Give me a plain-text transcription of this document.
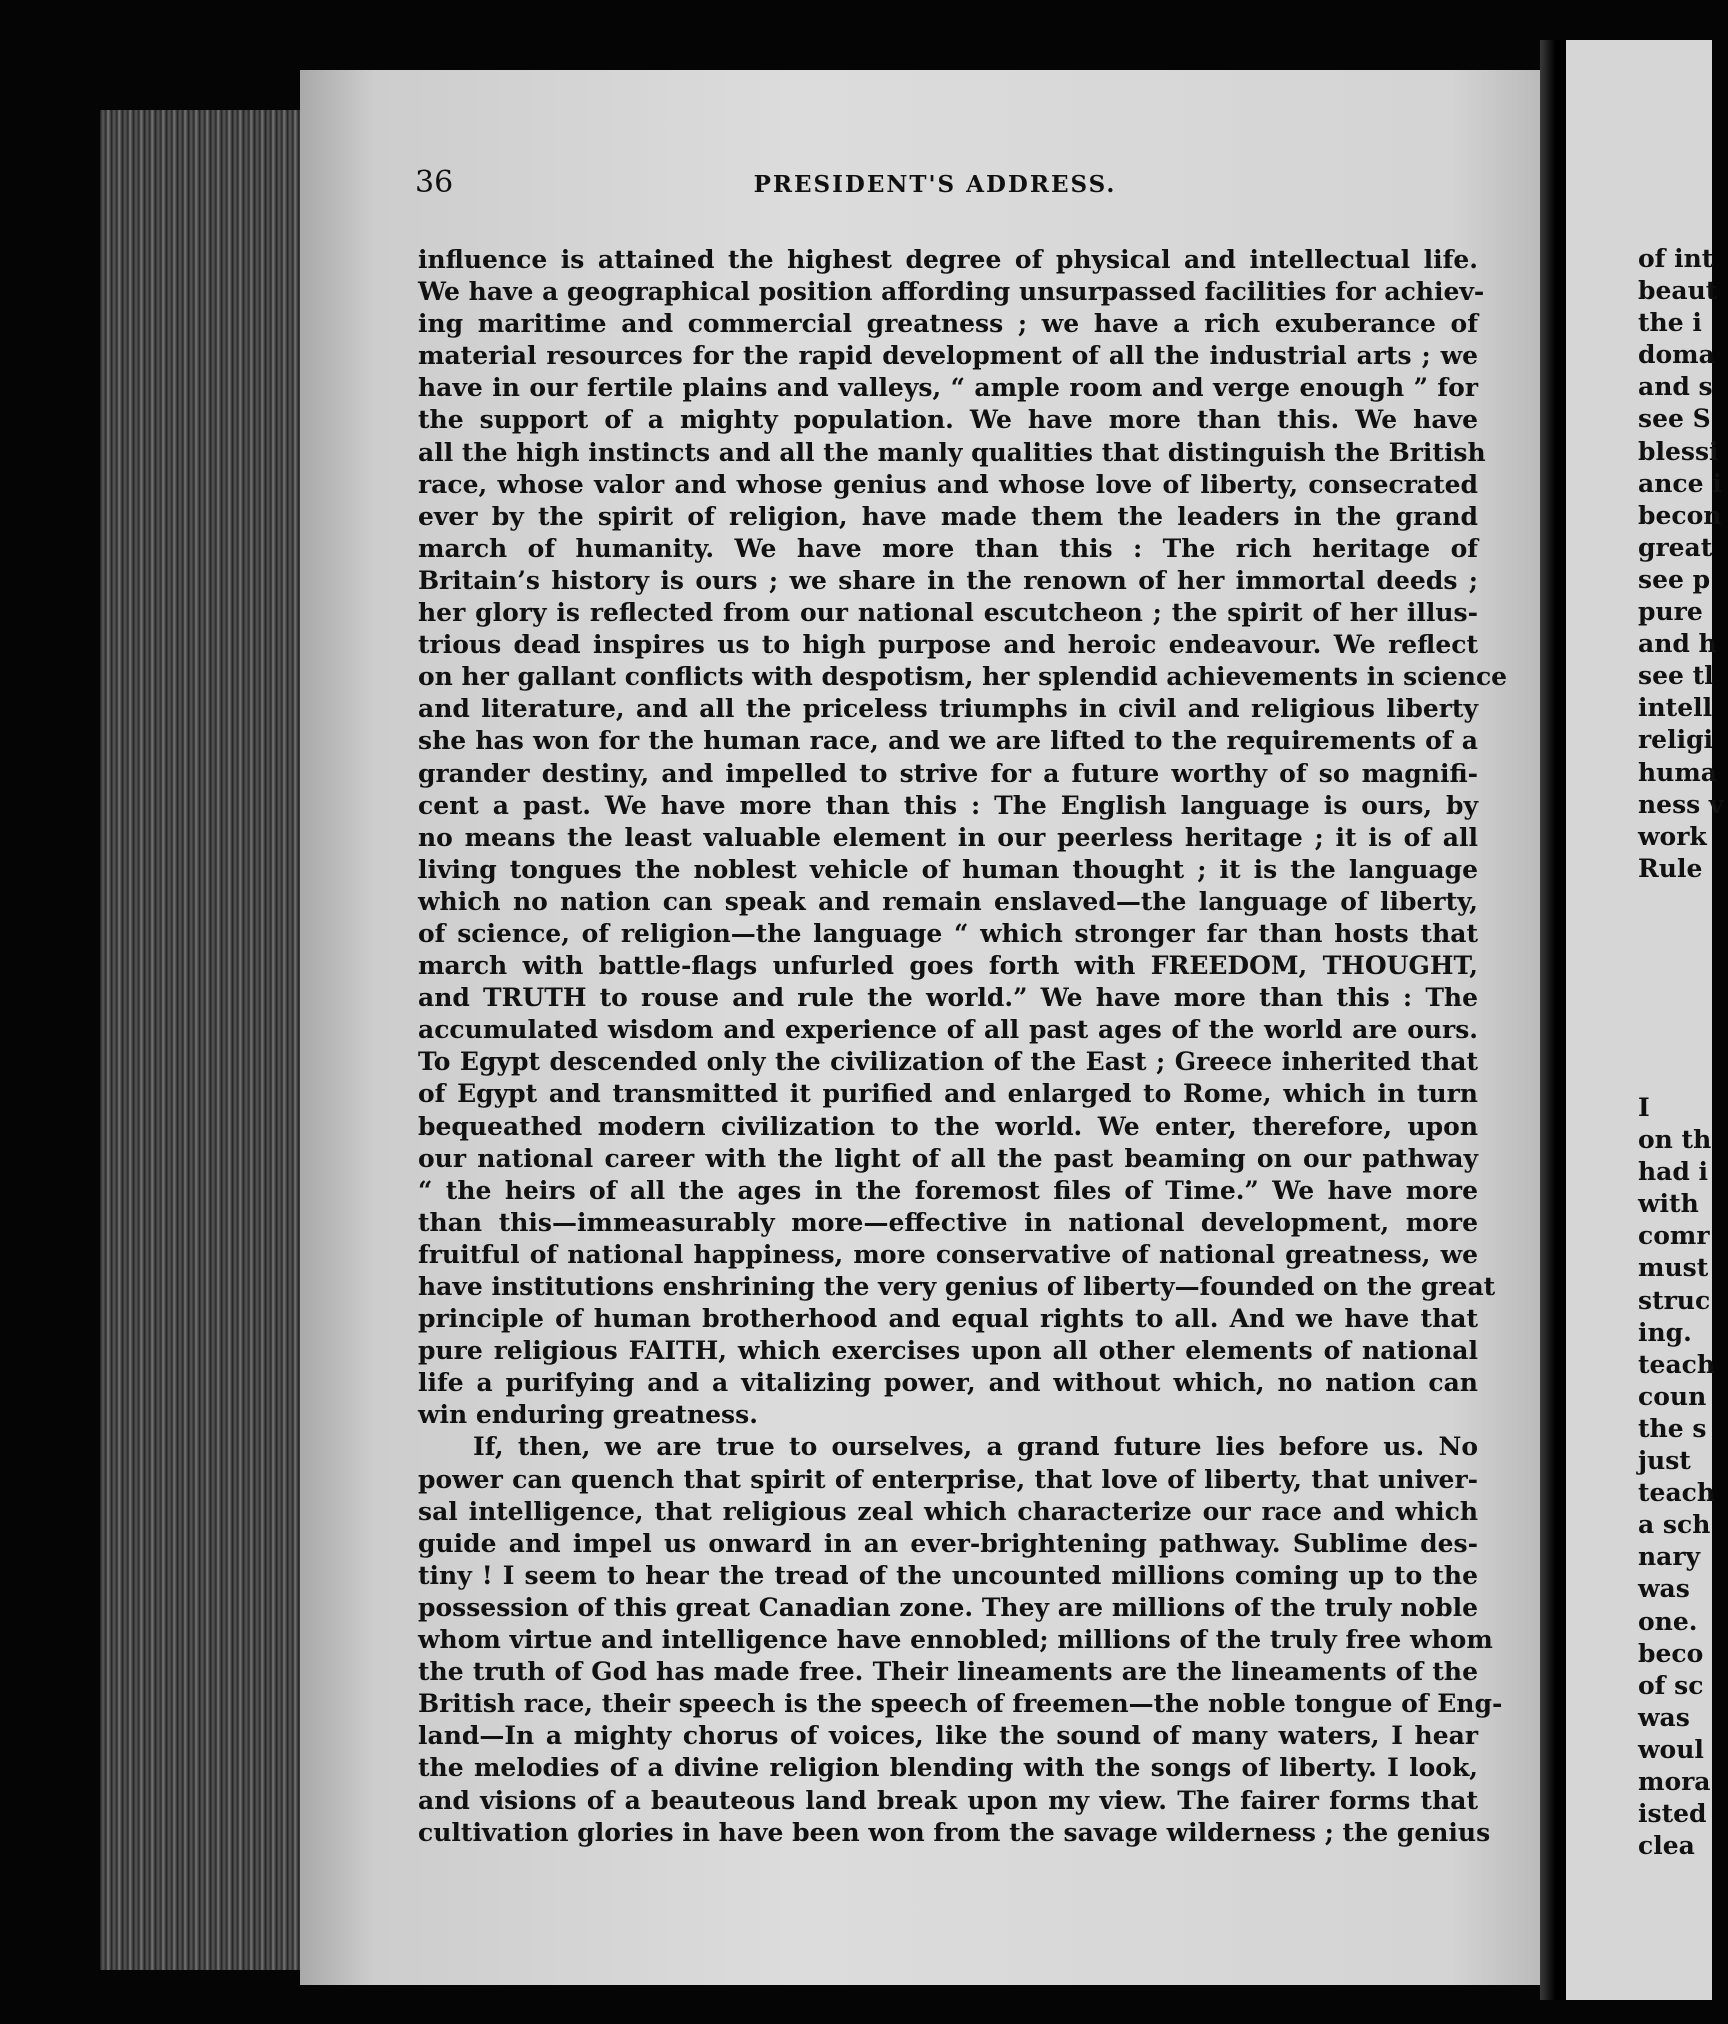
36	PRESIDENT'S ADDRESS.
influence is attained the highest degree of physical and intellectual life.
We have a geographical position affording unsurpassed facilities for achiev-
ing maritime and commercial greatness ; we have a rich exuberance of
material resources for the rapid development of all the industrial arts ; we
have in our fertile plains and valleys, “ ample room and verge enough ” for
the support of a mighty population. We have more than this. We have
all the high instincts and all the manly qualities that distinguish the British
race, whose valor and whose genius and whose love of liberty, consecrated
ever by the spirit of religion, have made them the leaders in the grand
march of humanity. We have more than this : The rich heritage of
Britain’s history is ours ; we share in the renown of her immortal deeds ;
her glory is reflected from our national escutcheon ; the spirit of her illus-
trious dead inspires us to high purpose and heroic endeavour. We reflect
on her gallant conflicts with despotism, her splendid achievements in science
and literature, and all the priceless triumphs in civil and religious liberty
she has won for the human race, and we are lifted to the requirements of a
grander destiny, and impelled to strive for a future worthy of so magnifi-
cent a past. We have more than this : The English language is ours, by
no means the least valuable element in our peerless heritage ; it is of all
living tongues the noblest vehicle of human thought ; it is the language
which no nation can speak and remain enslaved—the language of liberty,
of science, of religion—the language “ which stronger far than hosts that
march with battle-flags unfurled goes forth with FREEDOM, THOUGHT,
and TRUTH to rouse and rule the world.” We have more than this : The
accumulated wisdom and experience of all past ages of the world are ours.
To Egypt descended only the civilization of the East ; Greece inherited that
of Egypt and transmitted it purified and enlarged to Rome, which in turn
bequeathed modern civilization to the world. We enter, therefore, upon
our national career with the light of all the past beaming on our pathway
“ the heirs of all the ages in the foremost files of Time.” We have more
than this—immeasurably more—effective in national development, more
fruitful of national happiness, more conservative of national greatness, we
have institutions enshrining the very genius of liberty—founded on the great
principle of human brotherhood and equal rights to all. And we have that
pure religious FAITH, which exercises upon all other elements of national
life a purifying and a vitalizing power, and without which, no nation can
win enduring greatness.
If, then, we are true to ourselves, a grand future lies before us. No
power can quench that spirit of enterprise, that love of liberty, that univer-
sal intelligence, that religious zeal which characterize our race and which
guide and impel us onward in an ever-brightening pathway. Sublime des-
tiny ! I seem to hear the tread of the uncounted millions coming up to the
possession of this great Canadian zone. They are millions of the truly noble
whom virtue and intelligence have ennobled; millions of the truly free whom
the truth of God has made free. Their lineaments are the lineaments of the
British race, their speech is the speech of freemen—the noble tongue of Eng-
land—In a mighty chorus of voices, like the sound of many waters, I hear
the melodies of a divine religion blending with the songs of liberty. I look,
and visions of a beauteous land break upon my view. The fairer forms that
cultivation glories in have been won from the savage wilderness ; the genius
of int
beaut
the i
doma
and s
see S
blessi
ance i
becon
great
see p
pure
and h
see tl
intell
religi
huma
ness v
work
Rule
I
on th
had i
with
comr
must
struc
ing.
teach
coun
the s
just
teach
a sch
nary
was
one.
beco
of sc
was
woul
mora
isted
clea
